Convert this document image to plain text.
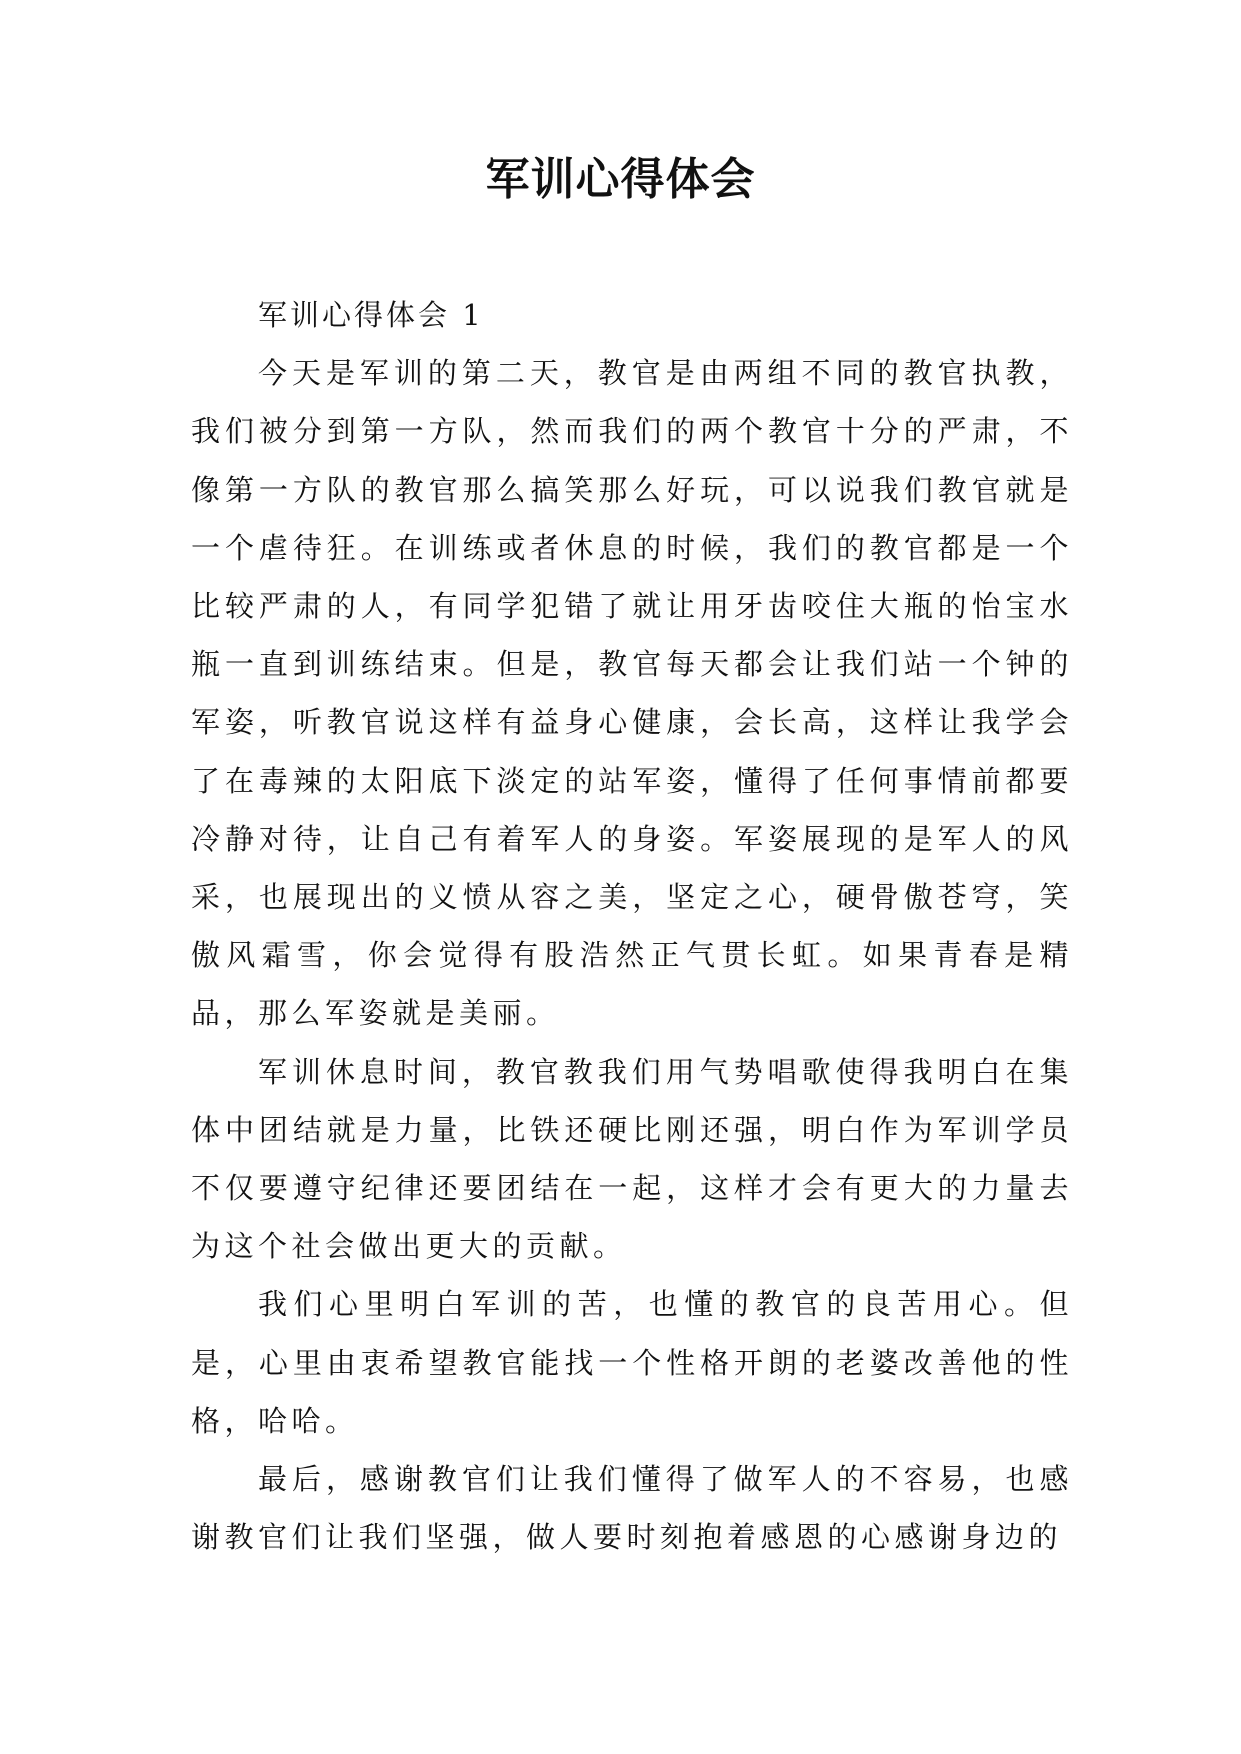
军训心得体会

军训心得体会 1

今天是军训的第二天，教官是由两组不同的教官执教，我们被分到第一方队，然而我们的两个教官十分的严肃，不像第一方队的教官那么搞笑那么好玩，可以说我们教官就是一个虐待狂。在训练或者休息的时候，我们的教官都是一个比较严肃的人，有同学犯错了就让用牙齿咬住大瓶的怡宝水瓶一直到训练结束。但是，教官每天都会让我们站一个钟的军姿，听教官说这样有益身心健康，会长高，这样让我学会了在毒辣的太阳底下淡定的站军姿，懂得了任何事情前都要冷静对待，让自己有着军人的身姿。军姿展现的是军人的风采，也展现出的义愤从容之美，坚定之心，硬骨傲苍穹，笑傲风霜雪，你会觉得有股浩然正气贯长虹。如果青春是精品，那么军姿就是美丽。

军训休息时间，教官教我们用气势唱歌使得我明白在集体中团结就是力量，比铁还硬比刚还强，明白作为军训学员不仅要遵守纪律还要团结在一起，这样才会有更大的力量去为这个社会做出更大的贡献。

我们心里明白军训的苦，也懂的教官的良苦用心。但是，心里由衷希望教官能找一个性格开朗的老婆改善他的性格，哈哈。

最后，感谢教官们让我们懂得了做军人的不容易，也感谢教官们让我们坚强，做人要时刻抱着感恩的心感谢身边的
